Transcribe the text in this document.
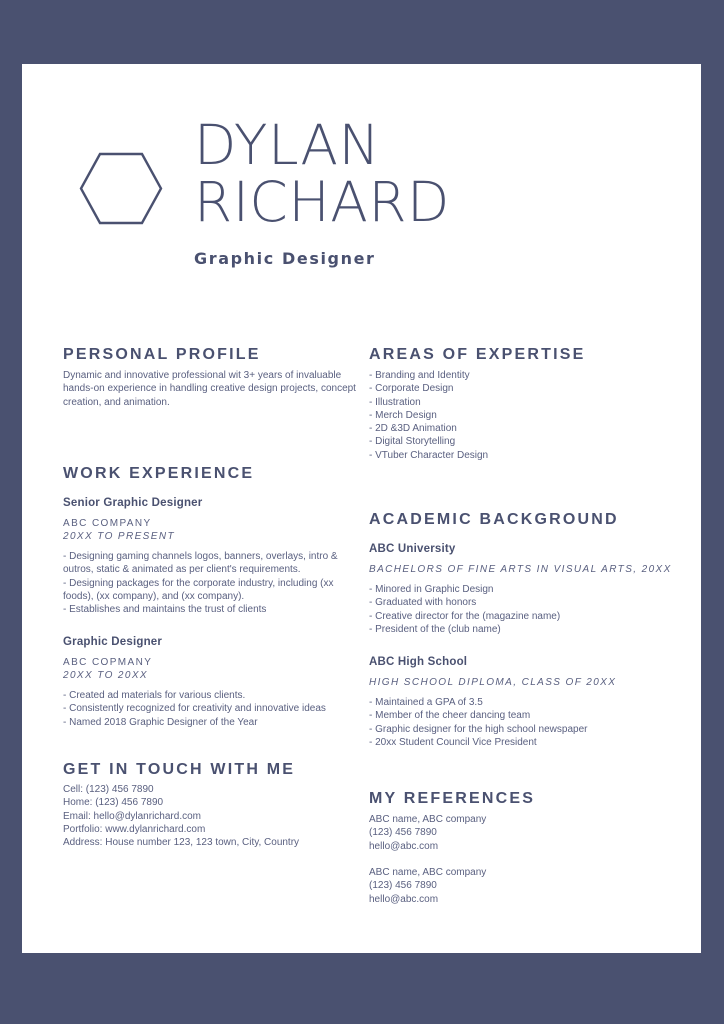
DYLAN
RICHARD
Graphic Designer
PERSONAL PROFILE
Dynamic and innovative professional wit 3+ years of invaluable
hands-on experience in handling creative design projects, concept
creation, and animation.
AREAS OF EXPERTISE
- Branding and Identity
- Corporate Design
- Illustration
- Merch Design
- 2D &3D Animation
- Digital Storytelling
- VTuber Character Design
WORK EXPERIENCE
Senior Graphic Designer
ABC COMPANY
20XX TO PRESENT
- Designing gaming channels logos, banners, overlays, intro &
outros, static & animated as per client's requirements.
- Designing packages for the corporate industry, including (xx
foods), (xx company), and (xx company).
- Establishes and maintains the trust of clients
Graphic Designer
ABC COPMANY
20XX TO 20XX
- Created ad materials for various clients.
- Consistently recognized for creativity and innovative ideas
- Named 2018 Graphic Designer of the Year
GET IN TOUCH WITH ME
Cell: (123) 456 7890
Home: (123) 456 7890
Email: hello@dylanrichard.com
Portfolio: www.dylanrichard.com
Address: House number 123, 123 town, City, Country
ACADEMIC BACKGROUND
ABC University
BACHELORS OF FINE ARTS IN VISUAL ARTS, 20XX
- Minored in Graphic Design
- Graduated with honors
- Creative director for the (magazine name)
- President of the (club name)
ABC High School
HIGH SCHOOL DIPLOMA, CLASS OF 20XX
- Maintained a GPA of 3.5
- Member of the cheer dancing team
- Graphic designer for the high school newspaper
- 20xx Student Council Vice President
MY REFERENCES
ABC name, ABC company
(123) 456 7890
hello@abc.com
ABC name, ABC company
(123) 456 7890
hello@abc.com
